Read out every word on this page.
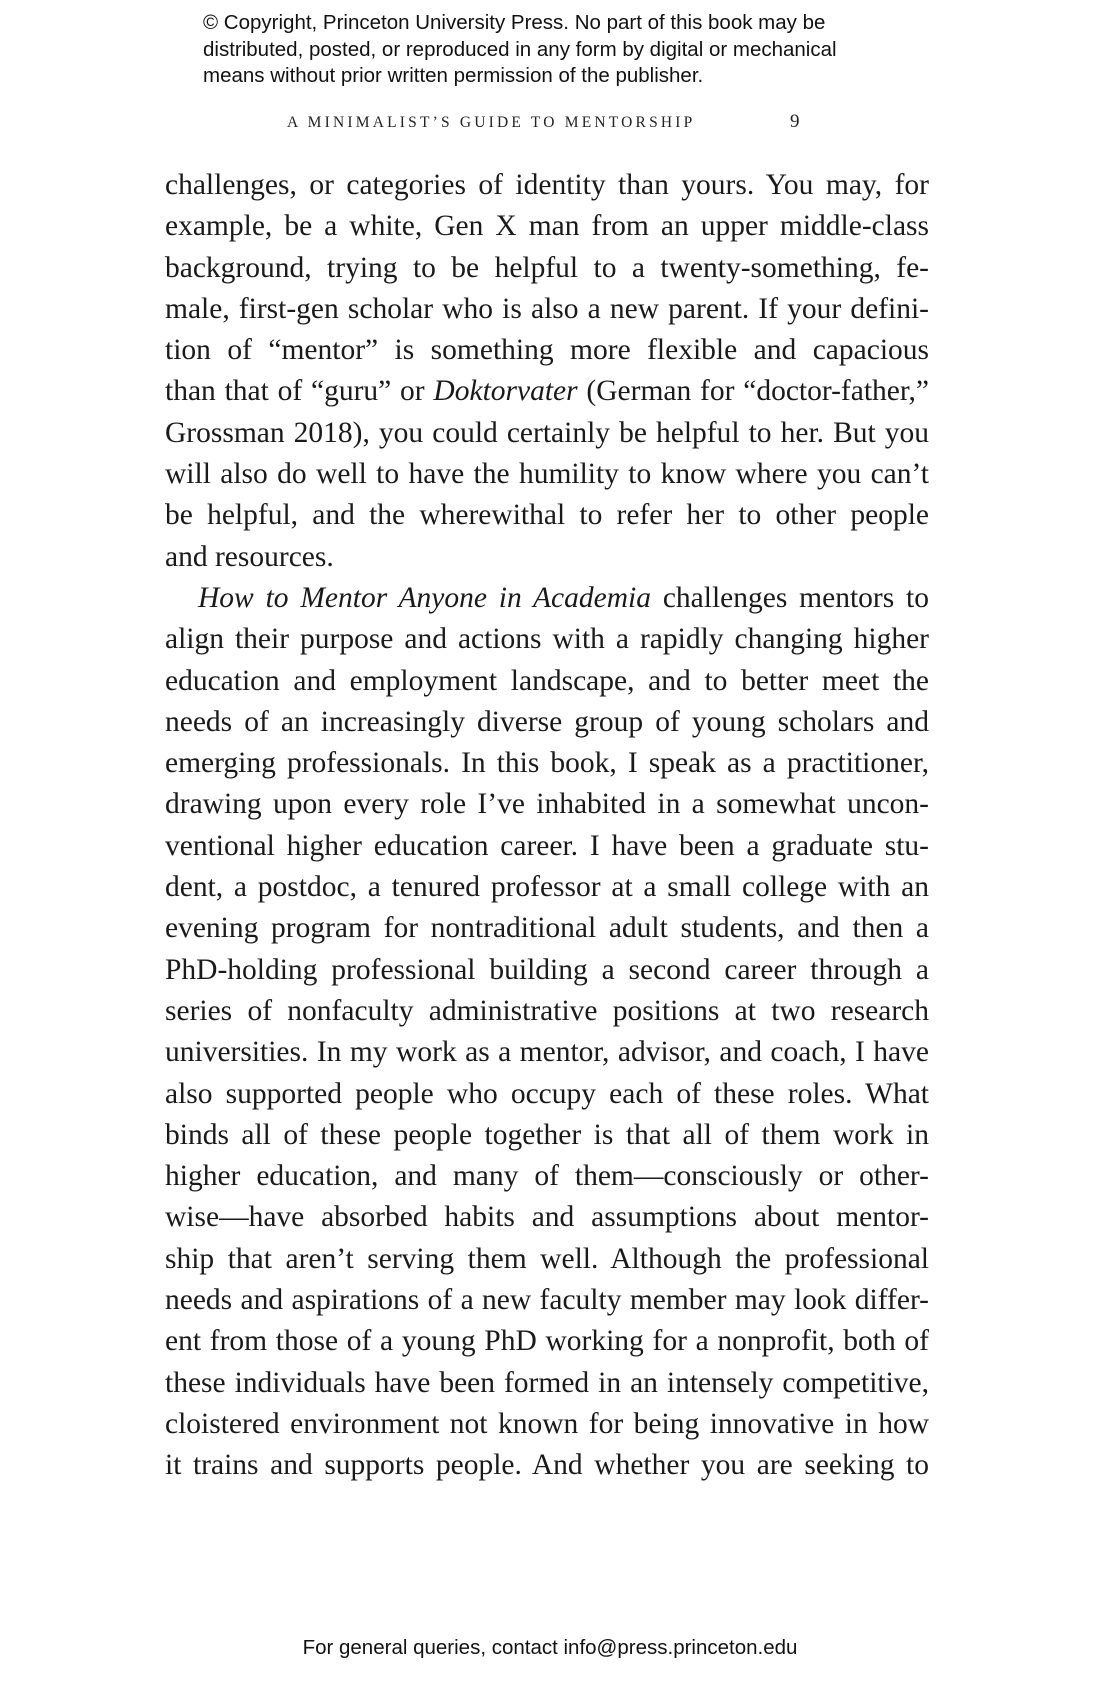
© Copyright, Princeton University Press. No part of this book may be
distributed, posted, or reproduced in any form by digital or mechanical
means without prior written permission of the publisher.
A MINIMALIST’S GUIDE TO MENTORSHIP	9
challenges, or categories of identity than yours. You may, for
example, be a white, Gen X man from an upper middle-class
background, trying to be helpful to a twenty-something, fe-
male, first-gen scholar who is also a new parent. If your defini-
tion of “mentor” is something more flexible and capacious
than that of “guru” or Doktorvater (German for “doctor-father,”
Grossman 2018), you could certainly be helpful to her. But you
will also do well to have the humility to know where you can’t
be helpful, and the wherewithal to refer her to other people
and resources.
How to Mentor Anyone in Academia challenges mentors to
align their purpose and actions with a rapidly changing higher
education and employment landscape, and to better meet the
needs of an increasingly diverse group of young scholars and
emerging professionals. In this book, I speak as a practitioner,
drawing upon every role I’ve inhabited in a somewhat uncon-
ventional higher education career. I have been a graduate stu-
dent, a postdoc, a tenured professor at a small college with an
evening program for nontraditional adult students, and then a
PhD-holding professional building a second career through a
series of nonfaculty administrative positions at two research
universities. In my work as a mentor, advisor, and coach, I have
also supported people who occupy each of these roles. What
binds all of these people together is that all of them work in
higher education, and many of them—consciously or other-
wise—have absorbed habits and assumptions about mentor-
ship that aren’t serving them well. Although the professional
needs and aspirations of a new faculty member may look differ-
ent from those of a young PhD working for a nonprofit, both of
these individuals have been formed in an intensely competitive,
cloistered environment not known for being innovative in how
it trains and supports people. And whether you are seeking to
For general queries, contact info@press.princeton.edu
